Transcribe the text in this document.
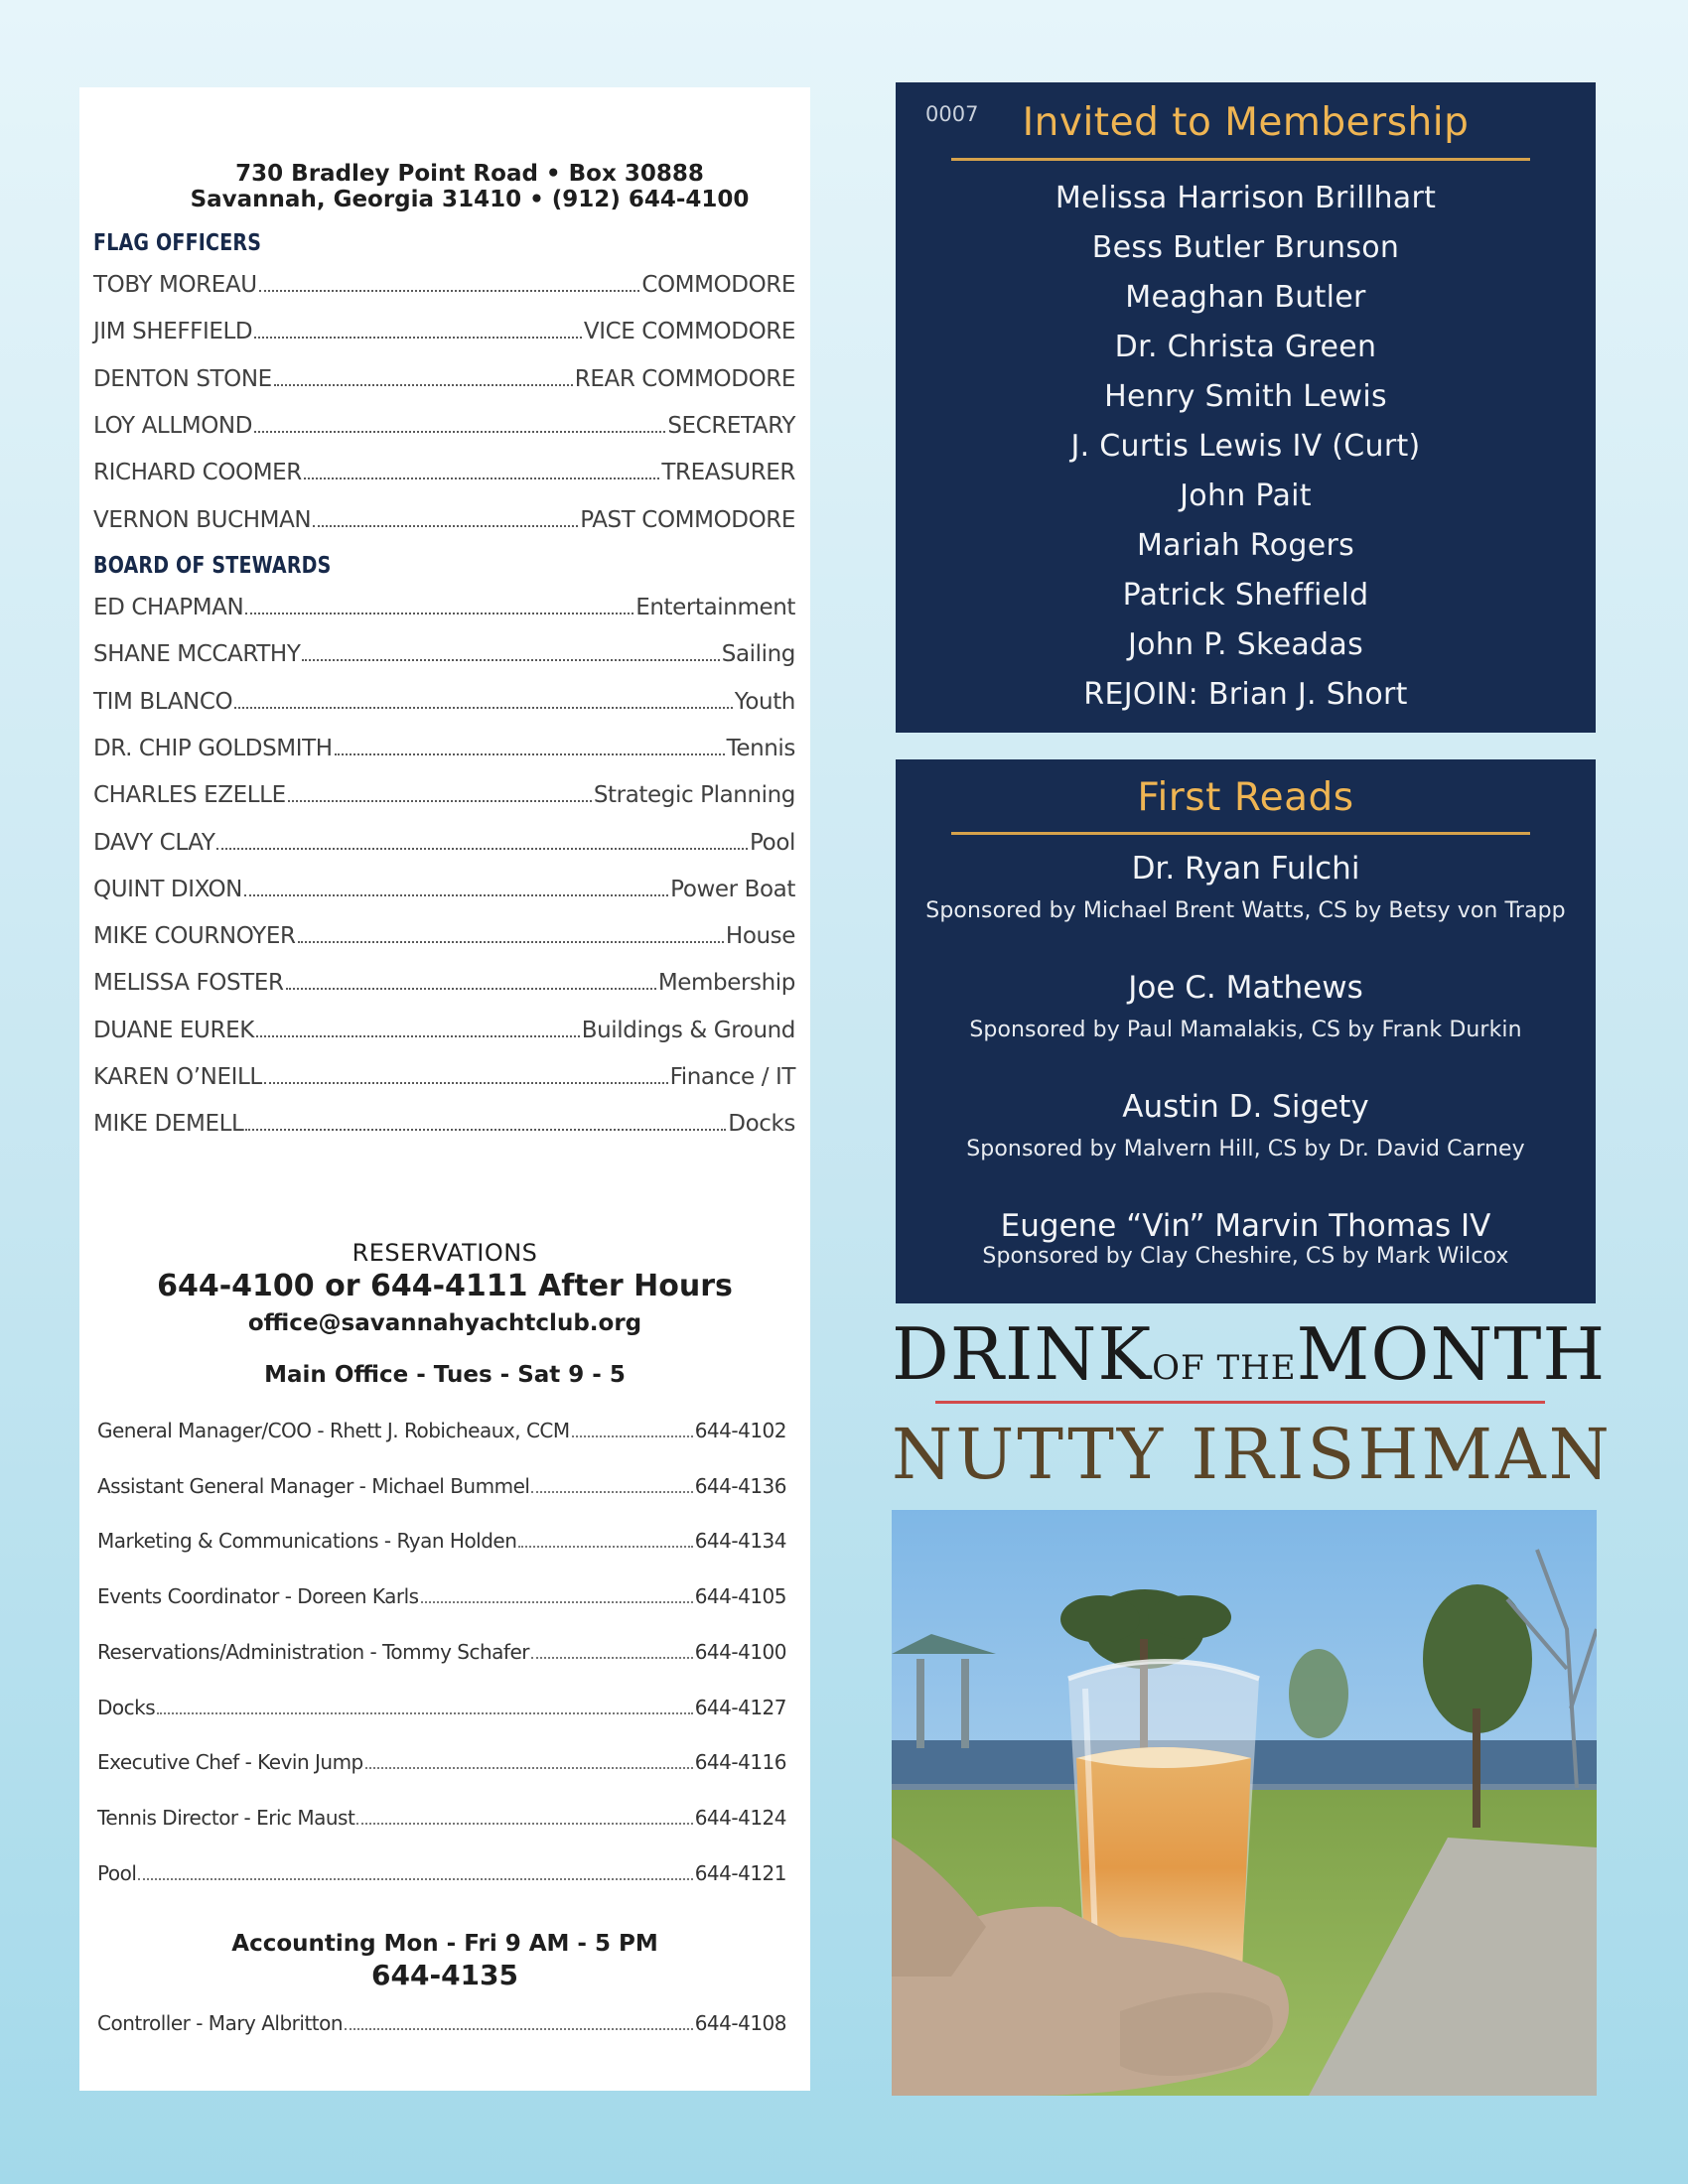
730 Bradley Point Road • Box 30888
Savannah, Georgia 31410 • (912) 644-4100
FLAG OFFICERS
TOBY MOREAU	COMMODORE
JIM SHEFFIELD	VICE COMMODORE
DENTON STONE	REAR COMMODORE
LOY ALLMOND	SECRETARY
RICHARD COOMER	TREASURER
VERNON BUCHMAN	PAST COMMODORE
BOARD OF STEWARDS
ED CHAPMAN	Entertainment
SHANE MCCARTHY	Sailing
TIM BLANCO	Youth
DR. CHIP GOLDSMITH	Tennis
CHARLES EZELLE	Strategic Planning
DAVY CLAY	Pool
QUINT DIXON	Power Boat
MIKE COURNOYER	House
MELISSA FOSTER	Membership
DUANE EUREK	Buildings & Ground
KAREN O’NEILL	Finance / IT
MIKE DEMELL	Docks
RESERVATIONS
644-4100 or 644-4111 After Hours
office@savannahyachtclub.org
Main Office - Tues - Sat 9 - 5
General Manager/COO - Rhett J. Robicheaux, CCM	644-4102
Assistant General Manager - Michael Bummel	644-4136
Marketing & Communications - Ryan Holden	644-4134
Events Coordinator - Doreen Karls	644-4105
Reservations/Administration - Tommy Schafer	644-4100
Docks	644-4127
Executive Chef - Kevin Jump	644-4116
Tennis Director - Eric Maust	644-4124
Pool	644-4121
Accounting Mon - Fri 9 AM - 5 PM
644-4135
Controller - Mary Albritton	644-4108
0007	Invited to Membership
Melissa Harrison Brillhart
Bess Butler Brunson
Meaghan Butler
Dr. Christa Green
Henry Smith Lewis
J. Curtis Lewis IV (Curt)
John Pait
Mariah Rogers
Patrick Sheffield
John P. Skeadas
REJOIN: Brian J. Short
First Reads
Dr. Ryan Fulchi
Sponsored by Michael Brent Watts, CS by Betsy von Trapp
Joe C. Mathews
Sponsored by Paul Mamalakis, CS by Frank Durkin
Austin D. Sigety
Sponsored by Malvern Hill, CS by Dr. David Carney
Eugene “Vin” Marvin Thomas IV
Sponsored by Clay Cheshire, CS by Mark Wilcox
DRINKOF THEMONTH
NUTTY IRISHMAN
